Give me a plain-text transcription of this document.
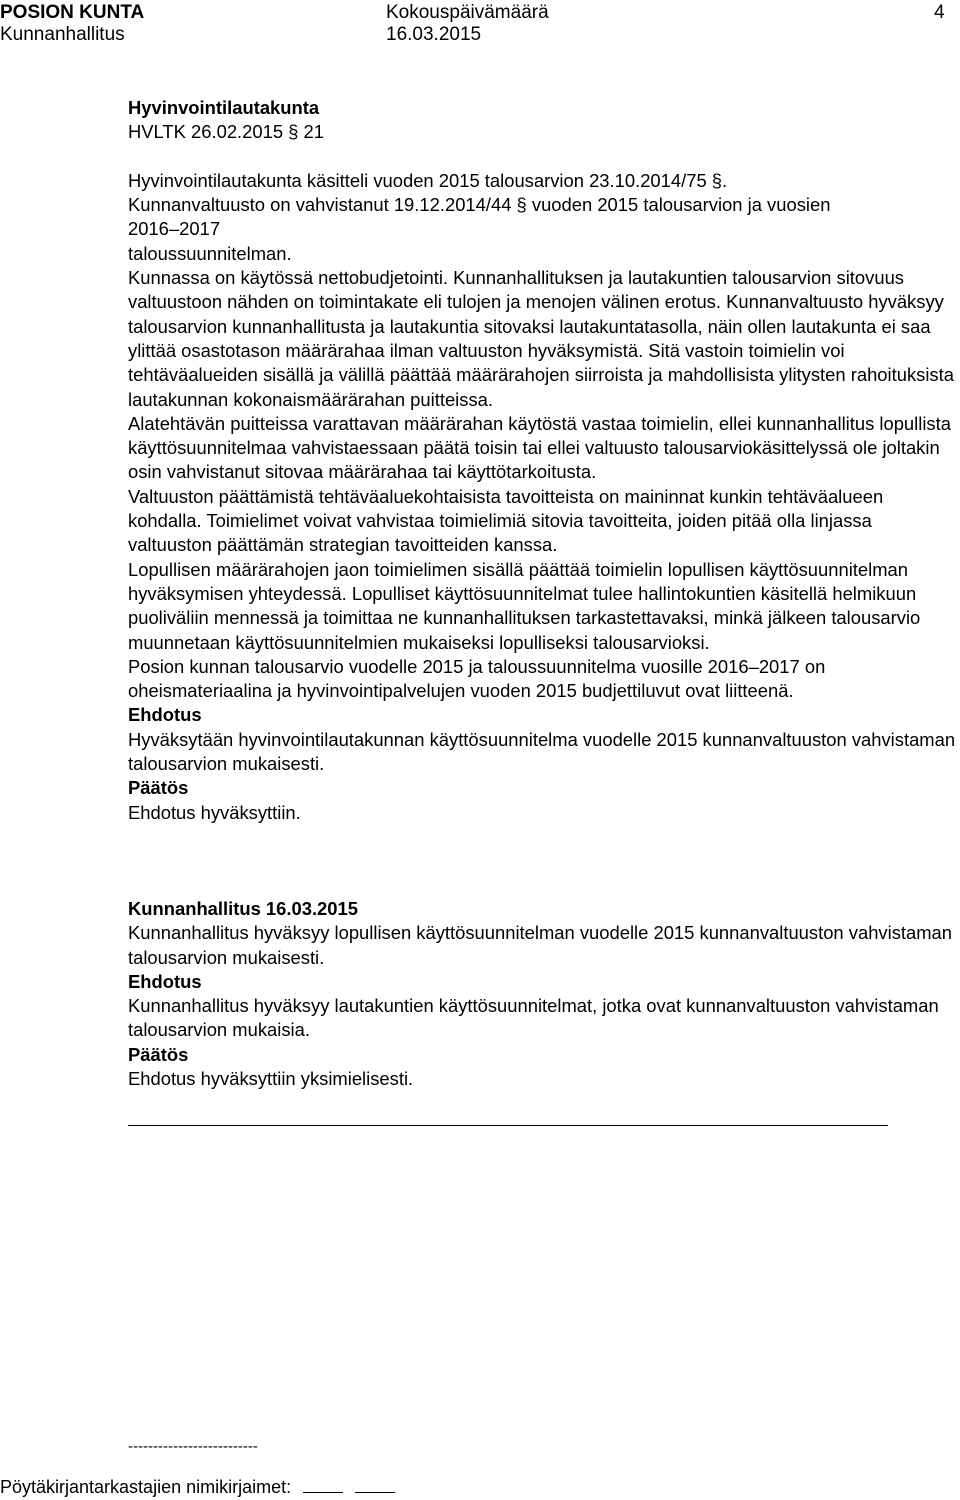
POSION KUNTA	Kokouspäivämäärä	4
Kunnanhallitus	16.03.2015

Hyvinvointilautakunta

HVLTK 26.02.2015 § 21

Hyvinvointilautakunta käsitteli vuoden 2015 talousarvion 23.10.2014/75 §.

Kunnanvaltuusto on vahvistanut 19.12.2014/44 § vuoden 2015 talousarvion ja vuosien

2016–2017

taloussuunnitelman.

Kunnassa on käytössä nettobudjetointi. Kunnanhallituksen ja lautakuntien talousarvion sitovuus valtuustoon nähden on toimintakate eli tulojen ja menojen välinen erotus. Kunnanvaltuusto hyväksyy talousarvion kunnanhallitusta ja lautakuntia sitovaksi lautakuntatasolla, näin ollen lautakunta ei saa ylittää osastotason määrärahaa ilman valtuuston hyväksymistä. Sitä vastoin toimielin voi tehtäväalueiden sisällä ja välillä päättää määrärahojen siirroista ja mahdollisista ylitysten rahoituksista lautakunnan kokonaismäärärahan puitteissa.

Alatehtävän puitteissa varattavan määrärahan käytöstä vastaa toimielin, ellei kunnanhallitus lopullista käyttösuunnitelmaa vahvistaessaan päätä toisin tai ellei valtuusto talousarviokäsittelyssä ole joltakin osin vahvistanut sitovaa määrärahaa tai käyttötarkoitusta.

Valtuuston päättämistä tehtäväaluekohtaisista tavoitteista on maininnat kunkin tehtäväalueen kohdalla. Toimielimet voivat vahvistaa toimielimiä sitovia tavoitteita, joiden pitää olla linjassa valtuuston päättämän strategian tavoitteiden kanssa.

Lopullisen määrärahojen jaon toimielimen sisällä päättää toimielin lopullisen käyttösuunnitelman hyväksymisen yhteydessä. Lopulliset käyttösuunnitelmat tulee hallintokuntien käsitellä helmikuun puoliväliin mennessä ja toimittaa ne kunnanhallituksen tarkastettavaksi, minkä jälkeen talousarvio muunnetaan käyttösuunnitelmien mukaiseksi lopulliseksi talousarvioksi.

Posion kunnan talousarvio vuodelle 2015 ja taloussuunnitelma vuosille 2016–2017 on oheismateriaalina ja hyvinvointipalvelujen vuoden 2015 budjettiluvut ovat liitteenä.

Ehdotus

Hyväksytään hyvinvointilautakunnan käyttösuunnitelma vuodelle 2015 kunnanvaltuuston vahvistaman talousarvion mukaisesti.

Päätös

Ehdotus hyväksyttiin.

Kunnanhallitus 16.03.2015

Kunnanhallitus hyväksyy lopullisen käyttösuunnitelman vuodelle 2015 kunnanvaltuuston vahvistaman talousarvion mukaisesti.

Ehdotus

Kunnanhallitus hyväksyy lautakuntien käyttösuunnitelmat, jotka ovat kunnanvaltuuston vahvistaman talousarvion mukaisia.

Päätös

Ehdotus hyväksyttiin yksimielisesti.

--------------------------
Pöytäkirjantarkastajien nimikirjaimet:
